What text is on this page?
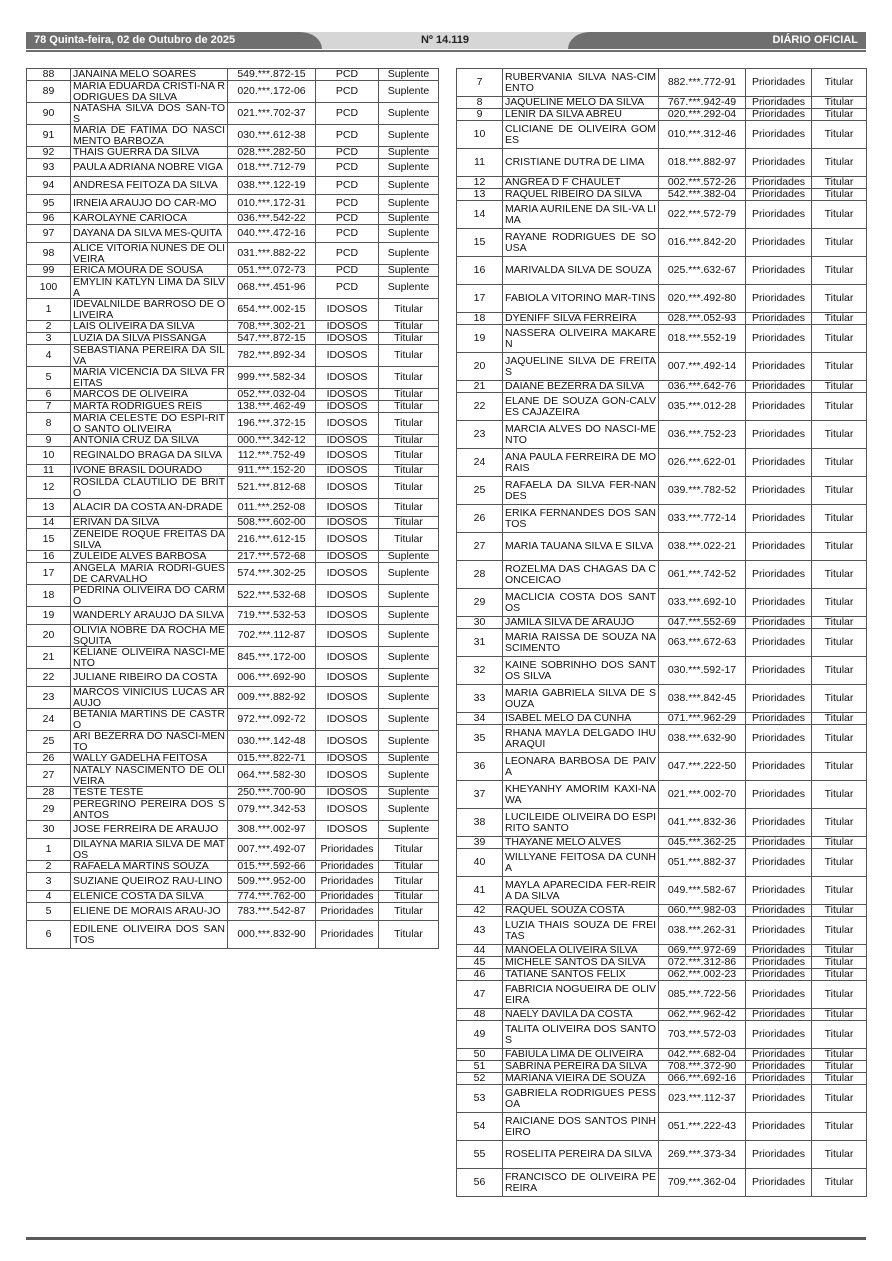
78 Quinta-feira, 02 de Outubro de 2025	Nº 14.119	DIÁRIO OFICIAL
88	JANAINA MELO SOARES	549.***.872-15	PCD	Suplente
89	MARIA EDUARDA CRISTI-NA RODRIGUES DA SILVA	020.***.172-06	PCD	Suplente
90	NATASHA SILVA DOS SAN-TOS	021.***.702-37	PCD	Suplente
91	MARIA DE FATIMA DO NASCIMENTO BARBOZA	030.***.612-38	PCD	Suplente
92	THAIS GUERRA DA SILVA	028.***.282-50	PCD	Suplente
93	PAULA ADRIANA NOBRE VIGA	018.***.712-79	PCD	Suplente
94	ANDRESA FEITOZA DA SILVA	038.***.122-19	PCD	Suplente
95	IRNEIA ARAUJO DO CAR-MO	010.***.172-31	PCD	Suplente
96	KAROLAYNE CARIOCA	036.***.542-22	PCD	Suplente
97	DAYANA DA SILVA MES-QUITA	040.***.472-16	PCD	Suplente
98	ALICE VITORIA NUNES DE OLIVEIRA	031.***.882-22	PCD	Suplente
99	ERICA MOURA DE SOUSA	051.***.072-73	PCD	Suplente
100	EMYLIN KATLYN LIMA DA SILVA	068.***.451-96	PCD	Suplente
1	IDEVALNILDE BARROSO DE OLIVEIRA	654.***.002-15	IDOSOS	Titular
2	LAIS OLIVEIRA DA SILVA	708.***.302-21	IDOSOS	Titular
3	LUZIA DA SILVA PISSANGA	547.***.872-15	IDOSOS	Titular
4	SEBASTIANA PEREIRA DA SILVA	782.***.892-34	IDOSOS	Titular
5	MARIA VICENCIA DA SILVA FREITAS	999.***.582-34	IDOSOS	Titular
6	MARCOS DE OLIVEIRA	052.***.032-04	IDOSOS	Titular
7	MARTA RODRIGUES REIS	138.***.462-49	IDOSOS	Titular
8	MARIA CELESTE DO ESPI-RITO SANTO OLIVEIRA	196.***.372-15	IDOSOS	Titular
9	ANTONIA CRUZ DA SILVA	000.***.342-12	IDOSOS	Titular
10	REGINALDO BRAGA DA SILVA	112.***.752-49	IDOSOS	Titular
11	IVONE BRASIL DOURADO	911.***.152-20	IDOSOS	Titular
12	ROSILDA CLAUTILIO DE BRITO	521.***.812-68	IDOSOS	Titular
13	ALACIR DA COSTA AN-DRADE	011.***.252-08	IDOSOS	Titular
14	ERIVAN DA SILVA	508.***.602-00	IDOSOS	Titular
15	ZENEIDE ROQUE FREITAS DA SILVA	216.***.612-15	IDOSOS	Titular
16	ZULEIDE ALVES BARBOSA	217.***.572-68	IDOSOS	Suplente
17	ANGELA MARIA RODRI-GUES DE CARVALHO	574.***.302-25	IDOSOS	Suplente
18	PEDRINA OLIVEIRA DO CARMO	522.***.532-68	IDOSOS	Suplente
19	WANDERLY ARAUJO DA SILVA	719.***.532-53	IDOSOS	Suplente
20	OLIVIA NOBRE DA ROCHA MESQUITA	702.***.112-87	IDOSOS	Suplente
21	KELIANE OLIVEIRA NASCI-MENTO	845.***.172-00	IDOSOS	Suplente
22	JULIANE RIBEIRO DA COSTA	006.***.692-90	IDOSOS	Suplente
23	MARCOS VINICIUS LUCAS ARAUJO	009.***.882-92	IDOSOS	Suplente
24	BETANIA MARTINS DE CASTRO	972.***.092-72	IDOSOS	Suplente
25	ARI BEZERRA DO NASCI-MENTO	030.***.142-48	IDOSOS	Suplente
26	WALLY GADELHA FEITOSA	015.***.822-71	IDOSOS	Suplente
27	NATALY NASCIMENTO DE OLIVEIRA	064.***.582-30	IDOSOS	Suplente
28	TESTE TESTE	250.***.700-90	IDOSOS	Suplente
29	PEREGRINO PEREIRA DOS SANTOS	079.***.342-53	IDOSOS	Suplente
30	JOSE FERREIRA DE ARAUJO	308.***.002-97	IDOSOS	Suplente
1	DILAYNA MARIA SILVA DE MATOS	007.***.492-07	Prioridades	Titular
2	RAFAELA MARTINS SOUZA	015.***.592-66	Prioridades	Titular
3	SUZIANE QUEIROZ RAU-LINO	509.***.952-00	Prioridades	Titular
4	ELENICE COSTA DA SILVA	774.***.762-00	Prioridades	Titular
5	ELIENE DE MORAIS ARAU-JO	783.***.542-87	Prioridades	Titular
6	EDILENE OLIVEIRA DOS SANTOS	000.***.832-90	Prioridades	Titular
7	RUBERVANIA SILVA NAS-CIMENTO	882.***.772-91	Prioridades	Titular
8	JAQUELINE MELO DA SILVA	767.***.942-49	Prioridades	Titular
9	LENIR DA SILVA ABREU	020.***.292-04	Prioridades	Titular
10	CLICIANE DE OLIVEIRA GOMES	010.***.312-46	Prioridades	Titular
11	CRISTIANE DUTRA DE LIMA	018.***.882-97	Prioridades	Titular
12	ANGREA D F CHAULET	002.***.572-26	Prioridades	Titular
13	RAQUEL RIBEIRO DA SILVA	542.***.382-04	Prioridades	Titular
14	MARIA AURILENE DA SIL-VA LIMA	022.***.572-79	Prioridades	Titular
15	RAYANE RODRIGUES DE SOUSA	016.***.842-20	Prioridades	Titular
16	MARIVALDA SILVA DE SOUZA	025.***.632-67	Prioridades	Titular
17	FABIOLA VITORINO MAR-TINS	020.***.492-80	Prioridades	Titular
18	DYENIFF SILVA FERREIRA	028.***.052-93	Prioridades	Titular
19	NASSERA OLIVEIRA MAKAREN	018.***.552-19	Prioridades	Titular
20	JAQUELINE SILVA DE FREITAS	007.***.492-14	Prioridades	Titular
21	DAIANE BEZERRA DA SILVA	036.***.642-76	Prioridades	Titular
22	ELANE DE SOUZA GON-CALVES CAJAZEIRA	035.***.012-28	Prioridades	Titular
23	MARCIA ALVES DO NASCI-MENTO	036.***.752-23	Prioridades	Titular
24	ANA PAULA FERREIRA DE MORAIS	026.***.622-01	Prioridades	Titular
25	RAFAELA DA SILVA FER-NANDES	039.***.782-52	Prioridades	Titular
26	ERIKA FERNANDES DOS SANTOS	033.***.772-14	Prioridades	Titular
27	MARIA TAUANA SILVA E SILVA	038.***.022-21	Prioridades	Titular
28	ROZELMA DAS CHAGAS DA CONCEICAO	061.***.742-52	Prioridades	Titular
29	MACLICIA COSTA DOS SANTOS	033.***.692-10	Prioridades	Titular
30	JAMILA SILVA DE ARAUJO	047.***.552-69	Prioridades	Titular
31	MARIA RAISSA DE SOUZA NASCIMENTO	063.***.672-63	Prioridades	Titular
32	KAINE SOBRINHO DOS SANTOS SILVA	030.***.592-17	Prioridades	Titular
33	MARIA GABRIELA SILVA DE SOUZA	038.***.842-45	Prioridades	Titular
34	ISABEL MELO DA CUNHA	071.***.962-29	Prioridades	Titular
35	RHANA MAYLA DELGADO IHUARAQUI	038.***.632-90	Prioridades	Titular
36	LEONARA BARBOSA DE PAIVA	047.***.222-50	Prioridades	Titular
37	KHEYANHY AMORIM KAXI-NAWA	021.***.002-70	Prioridades	Titular
38	LUCILEIDE OLIVEIRA DO ESPIRITO SANTO	041.***.832-36	Prioridades	Titular
39	THAYANE MELO ALVES	045.***.362-25	Prioridades	Titular
40	WILLYANE FEITOSA DA CUNHA	051.***.882-37	Prioridades	Titular
41	MAYLA APARECIDA FER-REIRA DA SILVA	049.***.582-67	Prioridades	Titular
42	RAQUEL SOUZA COSTA	060.***.982-03	Prioridades	Titular
43	LUZIA THAIS SOUZA DE FREITAS	038.***.262-31	Prioridades	Titular
44	MANOELA OLIVEIRA SILVA	069.***.972-69	Prioridades	Titular
45	MICHELE SANTOS DA SILVA	072.***.312-86	Prioridades	Titular
46	TATIANE SANTOS FELIX	062.***.002-23	Prioridades	Titular
47	FABRICIA NOGUEIRA DE OLIVEIRA	085.***.722-56	Prioridades	Titular
48	NAELY DAVILA DA COSTA	062.***.962-42	Prioridades	Titular
49	TALITA OLIVEIRA DOS SANTOS	703.***.572-03	Prioridades	Titular
50	FABIULA LIMA DE OLIVEIRA	042.***.682-04	Prioridades	Titular
51	SABRINA PEREIRA DA SILVA	708.***.372-90	Prioridades	Titular
52	MARIANA VIEIRA DE SOUZA	066.***.692-16	Prioridades	Titular
53	GABRIELA RODRIGUES PESSOA	023.***.112-37	Prioridades	Titular
54	RAICIANE DOS SANTOS PINHEIRO	051.***.222-43	Prioridades	Titular
55	ROSELITA PEREIRA DA SILVA	269.***.373-34	Prioridades	Titular
56	FRANCISCO DE OLIVEIRA PEREIRA	709.***.362-04	Prioridades	Titular
